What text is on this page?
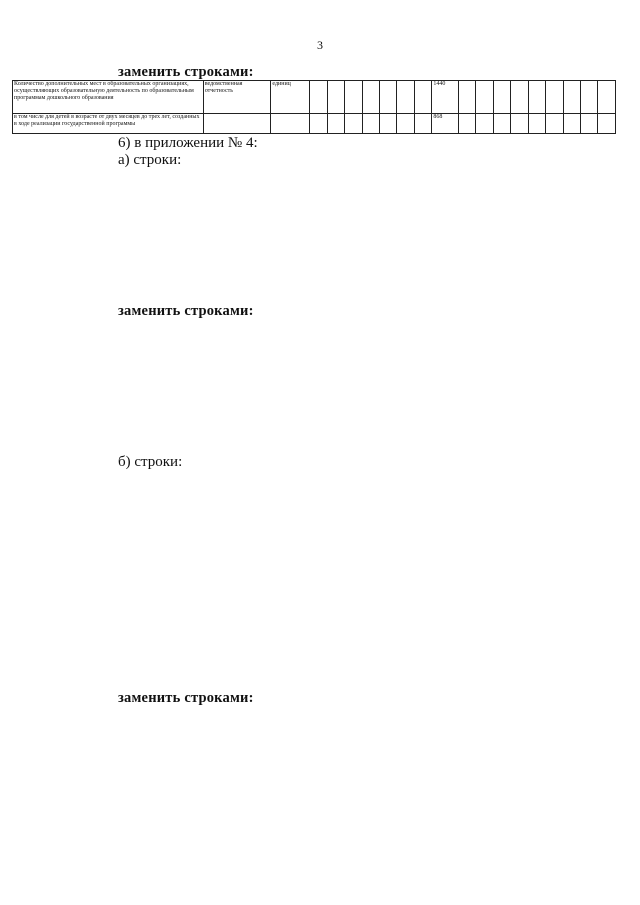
3
заменить строками:
Количество дополнительных мест в образовательных организациях, осуществляющих образовательную деятельность по образовательным программам дошкольного образования	ведомственная отчетность	единиц								1440									
в том числе для детей в возрасте от двух месяцев до трех лет, созданных в ходе реализации государственной программы										868									
6) в приложении № 4:
а) строки:
заменить строками:
б) строки:
заменить строками:
